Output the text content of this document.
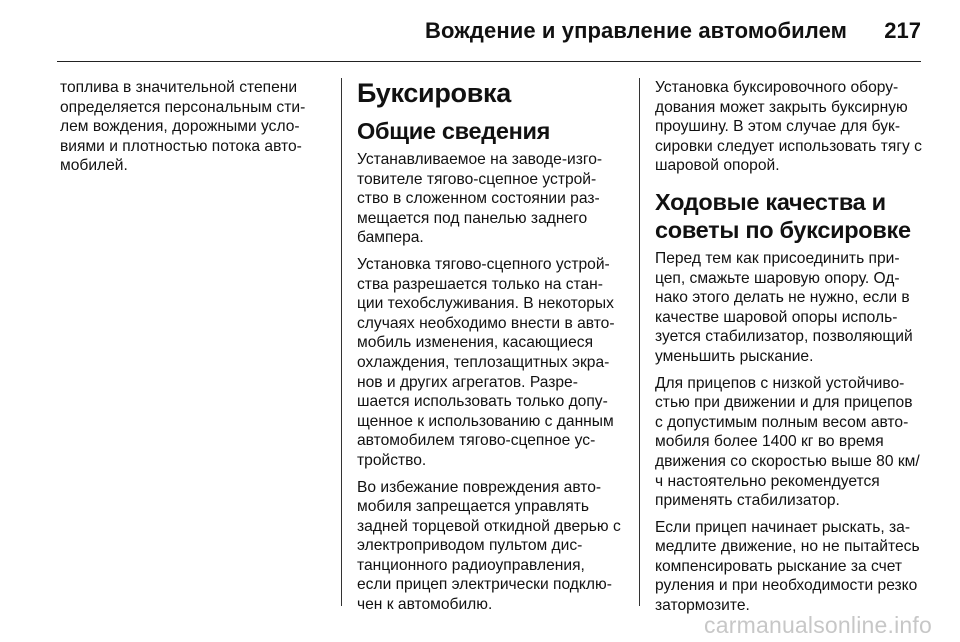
Вождение и управление автомобилем 217

топлива в значительной степени определяется персональным стилем вождения, дорожными условиями и плотностью потока автомобилей.

Буксировка
Общие сведения

Устанавливаемое на заводе-изготовителе тягово-сцепное устройство в сложенном состоянии размещается под панелью заднего бампера.

Установка тягово-сцепного устройства разрешается только на станции техобслуживания. В некоторых случаях необходимо внести в автомобиль изменения, касающиеся охлаждения, теплозащитных экранов и других агрегатов. Разрешается использовать только допущенное к использованию с данным автомобилем тягово-сцепное устройство.

Во избежание повреждения автомобиля запрещается управлять задней торцевой откидной дверью с электроприводом пультом дистанционного радиоуправления, если прицеп электрически подключен к автомобилю.

Установка буксировочного оборудования может закрыть буксирную проушину. В этом случае для буксировки следует использовать тягу с шаровой опорой.

Ходовые качества и советы по буксировке

Перед тем как присоединить прицеп, смажьте шаровую опору. Однако этого делать не нужно, если в качестве шаровой опоры используется стабилизатор, позволяющий уменьшить рыскание.

Для прицепов с низкой устойчивостью при движении и для прицепов с допустимым полным весом автомобиля более 1400 кг во время движения со скоростью выше 80 км/ч настоятельно рекомендуется применять стабилизатор.

Если прицеп начинает рыскать, замедлите движение, но не пытайтесь компенсировать рыскание за счет руления и при необходимости резко затормозите.

carmanualsonline.info
